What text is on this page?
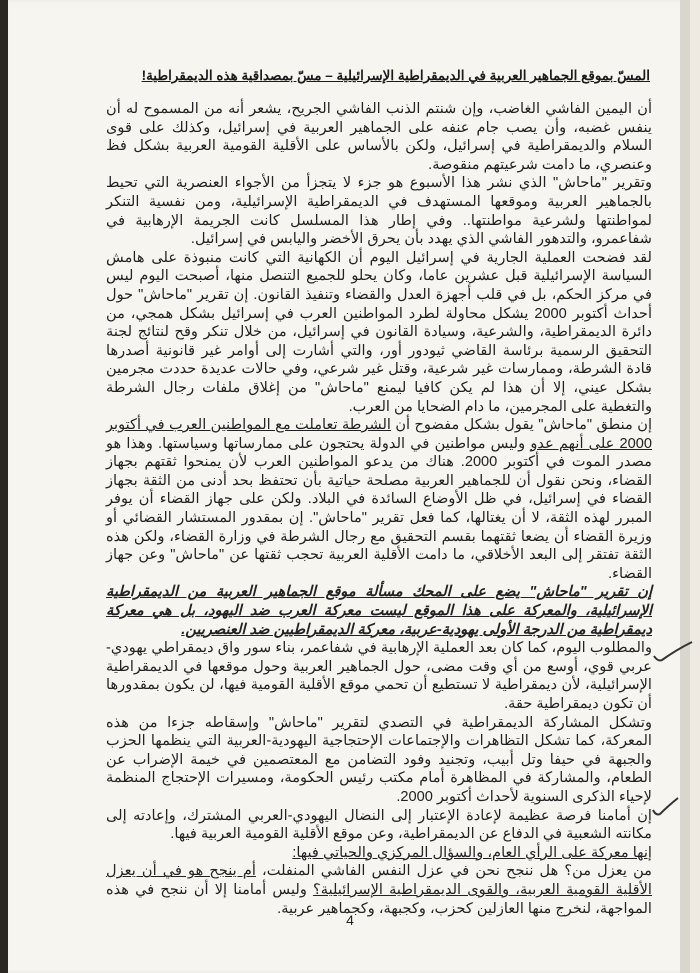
المسّ بموقع الجماهير العربية في الديمقراطية الإسرائيلية – مسّ بمصداقية هذه الديمقراطية!

أن اليمين الفاشي الغاضب، وإن شنتم الذنب الفاشي الجريح، يشعر أنه من المسموح له أن ينفس غضبه، وأن يصب جام عنفه على الجماهير العربية في إسرائيل، وكذلك على قوى السلام والديمقراطية في إسرائيل، ولكن بالأساس على الأقلية القومية العربية بشكل فظ وعنصري، ما دامت شرعيتهم منقوصة.

وتقرير "ماحاش" الذي نشر هذا الأسبوع هو جزء لا يتجزأ من الأجواء العنصرية التي تحيط بالجماهير العربية وموقعها المستهدف في الديمقراطية الإسرائيلية، ومن نفسية التنكر لمواطنتها ولشرعية مواطنتها.. وفي إطار هذا المسلسل كانت الجريمة الإرهابية في شفاعمرو، والتدهور الفاشي الذي يهدد بأن يحرق الأخضر واليابس في إسرائيل.

لقد فضحت العملية الجارية في إسرائيل اليوم أن الكهانية التي كانت منبوذة على هامش السياسة الإسرائيلية قبل عشرين عاما، وكان يحلو للجميع التنصل منها، أصبحت اليوم ليس في مركز الحكم، بل في قلب أجهزة العدل والقضاء وتنفيذ القانون. إن تقرير "ماحاش" حول أحداث أكتوبر 2000 يشكل محاولة لطرد المواطنين العرب في إسرائيل بشكل همجي، من دائرة الديمقراطية، والشرعية، وسيادة القانون في إسرائيل، من خلال تنكر وقح لنتائج لجنة التحقيق الرسمية برئاسة القاضي ثيودور أور، والتي أشارت إلى أوامر غير قانونية أصدرها قادة الشرطة، وممارسات غير شرعية، وقتل غير شرعي، وفي حالات عديدة حددت مجرمين بشكل عيني، إلا أن هذا لم يكن كافيا ليمنع "ماحاش" من إغلاق ملفات رجال الشرطة والتغطية على المجرمين، ما دام الضحايا من العرب.

إن منطق "ماحاش" يقول بشكل مفضوح أن الشرطة تعاملت مع المواطنين العرب في أكتوبر 2000 على أنهم عدو وليس مواطنين في الدولة يحتجون على ممارساتها وسياستها. وهذا هو مصدر الموت في أكتوبر 2000. هناك من يدعو المواطنين العرب لأن يمنحوا ثقتهم بجهاز القضاء، ونحن نقول أن للجماهير العربية مصلحة حياتية بأن تحتفظ بحد أدنى من الثقة بجهاز القضاء في إسرائيل، في ظل الأوضاع السائدة في البلاد. ولكن على جهاز القضاء أن يوفر المبرر لهذه الثقة، لا أن يغتالها، كما فعل تقرير "ماحاش". إن بمقدور المستشار القضائي أو وزيرة القضاء أن يضعا ثقتهما بقسم التحقيق مع رجال الشرطة في وزارة القضاء، ولكن هذه الثقة تفتقر إلى البعد الأخلاقي، ما دامت الأقلية العربية تحجب ثقتها عن "ماحاش" وعن جهاز القضاء.

إن تقرير "ماحاش" يضع على المحك مسألة موقع الجماهير العربية من الديمقراطية الإسرائيلية، والمعركة على هذا الموقع ليست معركة العرب ضد اليهود، بل هي معركة ديمقراطية من الدرجة الأولى يهودية-عربية، معركة الديمقراطيين ضد العنصريين.

والمطلوب اليوم، كما كان بعد العملية الإرهابية في شفاعمر، بناء سور واق ديمقراطي يهودي-عربي قوي، أوسع من أي وقت مضى، حول الجماهير العربية وحول موقعها في الديمقراطية الإسرائيلية، لأن ديمقراطية لا تستطيع أن تحمي موقع الأقلية القومية فيها، لن يكون بمقدورها أن تكون ديمقراطية حقة.

وتشكل المشاركة الديمقراطية في التصدي لتقرير "ماحاش" وإسقاطه جزءا من هذه المعركة، كما تشكل التظاهرات والإجتماعات الإحتجاجية اليهودية-العربية التي ينظمها الحزب والجبهة في حيفا وتل أبيب، وتجنيد وفود التضامن مع المعتصمين في خيمة الإضراب عن الطعام، والمشاركة في المظاهرة أمام مكتب رئيس الحكومة، ومسيرات الإحتجاج المنظمة لإحياء الذكرى السنوية لأحداث أكتوبر 2000.

إن أمامنا فرصة عظيمة لإعادة الإعتبار إلى النضال اليهودي-العربي المشترك، وإعادته إلى مكانته الشعبية في الدفاع عن الديمقراطية، وعن موقع الأقلية القومية العربية فيها.

إنها معركة على الرأي العام، والسؤال المركزي والحياتي فيها:

من يعزل من؟ هل ننجح نحن في عزل النفس الفاشي المنفلت، أم ينجح هو في أن يعزل الأقلية القومية العربية، والقوى الديمقراطية الإسرائيلية؟ وليس أمامنا إلا أن ننجح في هذه المواجهة، لنخرج منها العازلين كحزب، وكجبهة، وكجماهير عربية.

4
